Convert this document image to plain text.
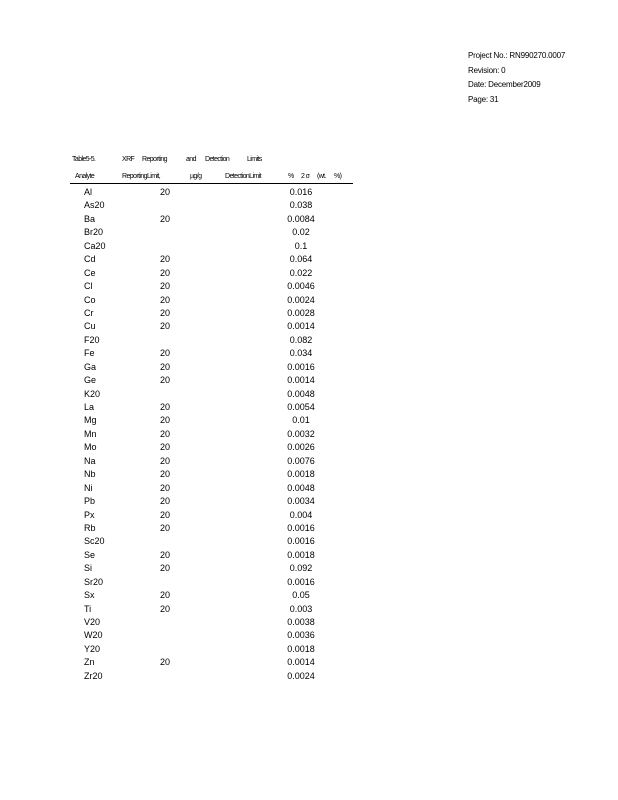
Project No.: RN990270.0007
Revision: 0
Date: December2009
Page: 31
Table5-5.	XRF Reporting	and Detection	Limits
Analyte	ReportingLimit,	µg/g	DetectionLimit	% 2 σ (wt. %)
Al	20	0.016
As20	0.038
Ba	20	0.0084
Br20	0.02
Ca20	0.1
Cd	20	0.064
Ce	20	0.022
Cl	20	0.0046
Co	20	0.0024
Cr	20	0.0028
Cu	20	0.0014
F20	0.082
Fe	20	0.034
Ga	20	0.0016
Ge	20	0.0014
K20	0.0048
La	20	0.0054
Mg	20	0.01
Mn	20	0.0032
Mo	20	0.0026
Na	20	0.0076
Nb	20	0.0018
Ni	20	0.0048
Pb	20	0.0034
Px	20	0.004
Rb	20	0.0016
Sc20	0.0016
Se	20	0.0018
Si	20	0.092
Sr20	0.0016
Sx	20	0.05
Ti	20	0.003
V20	0.0038
W20	0.0036
Y20	0.0018
Zn	20	0.0014
Zr20	0.0024
